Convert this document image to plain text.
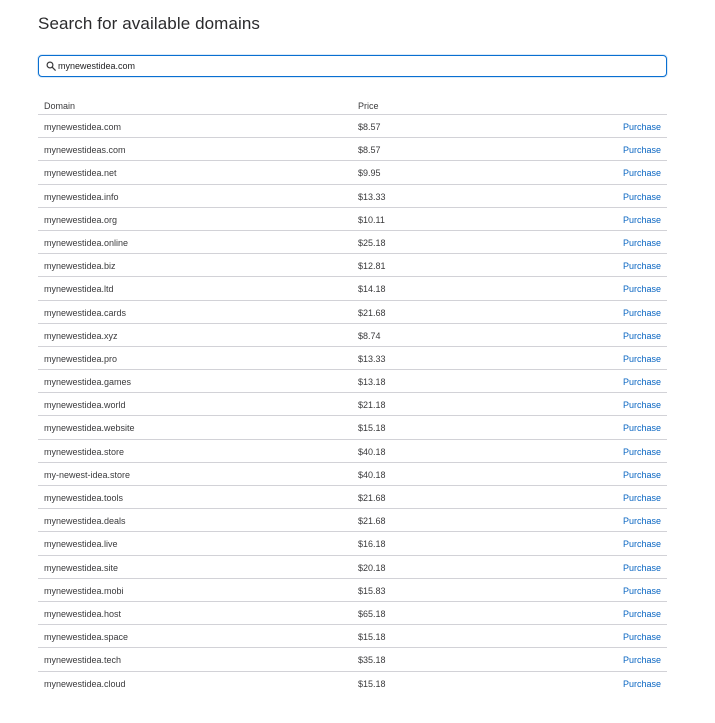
Search for available domains
mynewestidea.com
Domain	Price
mynewestidea.com	$8.57	Purchase
mynewestideas.com	$8.57	Purchase
mynewestidea.net	$9.95	Purchase
mynewestidea.info	$13.33	Purchase
mynewestidea.org	$10.11	Purchase
mynewestidea.online	$25.18	Purchase
mynewestidea.biz	$12.81	Purchase
mynewestidea.ltd	$14.18	Purchase
mynewestidea.cards	$21.68	Purchase
mynewestidea.xyz	$8.74	Purchase
mynewestidea.pro	$13.33	Purchase
mynewestidea.games	$13.18	Purchase
mynewestidea.world	$21.18	Purchase
mynewestidea.website	$15.18	Purchase
mynewestidea.store	$40.18	Purchase
my-newest-idea.store	$40.18	Purchase
mynewestidea.tools	$21.68	Purchase
mynewestidea.deals	$21.68	Purchase
mynewestidea.live	$16.18	Purchase
mynewestidea.site	$20.18	Purchase
mynewestidea.mobi	$15.83	Purchase
mynewestidea.host	$65.18	Purchase
mynewestidea.space	$15.18	Purchase
mynewestidea.tech	$35.18	Purchase
mynewestidea.cloud	$15.18	Purchase
